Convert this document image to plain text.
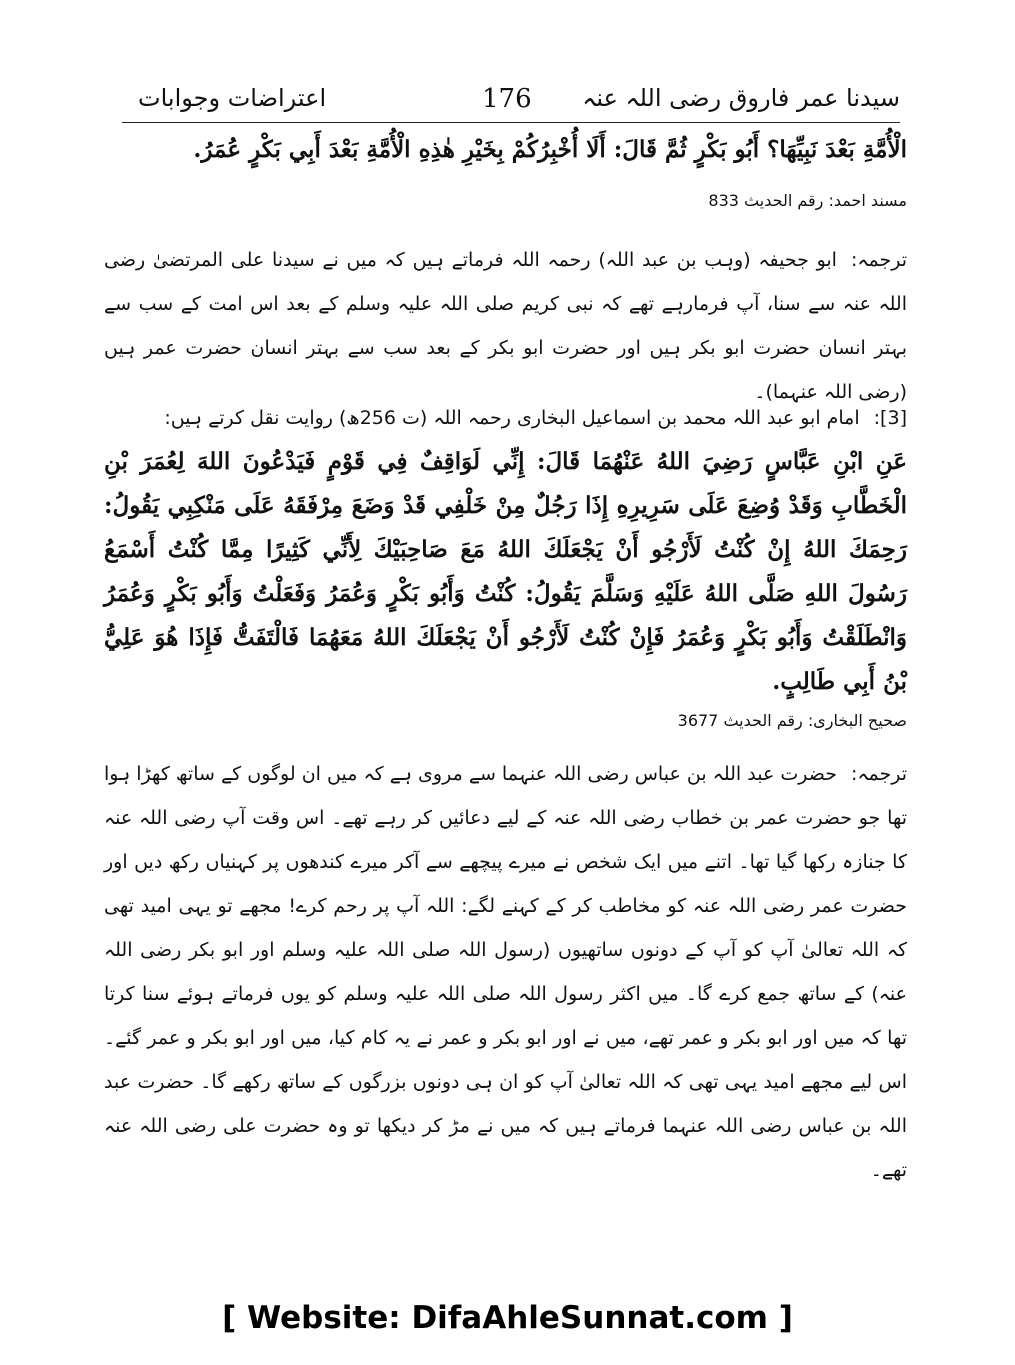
سیدنا عمر فاروق رضی اللہ عنہ
176
اعتراضات وجوابات
الْأُمَّةِ بَعْدَ نَبِيِّهَا؟ أَبُو بَكْرٍ ثُمَّ قَالَ: أَلَا أُخْبِرُكُمْ بِخَيْرِ هٰذِهِ الْأُمَّةِ بَعْدَ أَبِي بَكْرٍ عُمَرُ.
مسند احمد: رقم الحدیث 833
ترجمہ:ابو جحیفہ (وہب بن عبد اللہ) رحمہ اللہ فرماتے ہیں کہ میں نے سیدنا علی المرتضیٰ رضی اللہ عنہ سے سنا، آپ فرمارہے تھے کہ نبی کریم صلی اللہ علیہ وسلم کے بعد اس امت کے سب سے بہتر انسان حضرت ابو بکر ہیں اور حضرت ابو بکر کے بعد سب سے بہتر انسان حضرت عمر ہیں (رضی اللہ عنہما)۔
[3]:امام ابو عبد اللہ محمد بن اسماعیل البخاری رحمہ اللہ (ت 256ھ) روایت نقل کرتے ہیں:
عَنِ ابْنِ عَبَّاسٍ رَضِيَ اللهُ عَنْهُمَا قَالَ: إِنِّي لَوَاقِفٌ فِي قَوْمٍ فَيَدْعُونَ اللهَ لِعُمَرَ بْنِ الْخَطَّابِ وَقَدْ وُضِعَ عَلَى سَرِيرِهِ إِذَا رَجُلٌ مِنْ خَلْفِي قَدْ وَضَعَ مِرْفَقَهُ عَلَى مَنْكِبِي يَقُولُ: رَحِمَكَ اللهُ إِنْ كُنْتُ لَأَرْجُو أَنْ يَجْعَلَكَ اللهُ مَعَ صَاحِبَيْكَ لِأَنِّي كَثِيرًا مِمَّا كُنْتُ أَسْمَعُ رَسُولَ اللهِ صَلَّى اللهُ عَلَيْهِ وَسَلَّمَ يَقُولُ: كُنْتُ وَأَبُو بَكْرٍ وَعُمَرُ وَفَعَلْتُ وَأَبُو بَكْرٍ وَعُمَرُ وَانْطَلَقْتُ وَأَبُو بَكْرٍ وَعُمَرُ فَإِنْ كُنْتُ لَأَرْجُو أَنْ يَجْعَلَكَ اللهُ مَعَهُمَا فَالْتَفَتُّ فَإِذَا هُوَ عَلِيُّ بْنُ أَبِي طَالِبٍ.
صحیح البخاری: رقم الحدیث 3677
ترجمہ:حضرت عبد اللہ بن عباس رضی اللہ عنہما سے مروی ہے کہ میں ان لوگوں کے ساتھ کھڑا ہوا تھا جو حضرت عمر بن خطاب رضی اللہ عنہ کے لیے دعائیں کر رہے تھے۔ اس وقت آپ رضی اللہ عنہ کا جنازہ رکھا گیا تھا۔ اتنے میں ایک شخص نے میرے پیچھے سے آکر میرے کندھوں پر کہنیاں رکھ دیں اور حضرت عمر رضی اللہ عنہ کو مخاطب کر کے کہنے لگے: اللہ آپ پر رحم کرے! مجھے تو یہی امید تھی کہ اللہ تعالیٰ آپ کو آپ کے دونوں ساتھیوں (رسول اللہ صلی اللہ علیہ وسلم اور ابو بکر رضی اللہ عنہ) کے ساتھ جمع کرے گا۔ میں اکثر رسول اللہ صلی اللہ علیہ وسلم کو یوں فرماتے ہوئے سنا کرتا تھا کہ میں اور ابو بکر و عمر تھے، میں نے اور ابو بکر و عمر نے یہ کام کیا، میں اور ابو بکر و عمر گئے۔ اس لیے مجھے امید یہی تھی کہ اللہ تعالیٰ آپ کو ان ہی دونوں بزرگوں کے ساتھ رکھے گا۔ حضرت عبد اللہ بن عباس رضی اللہ عنہما فرماتے ہیں کہ میں نے مڑ کر دیکھا تو وہ حضرت علی رضی اللہ عنہ تھے۔
[ Website: DifaAhleSunnat.com ]
